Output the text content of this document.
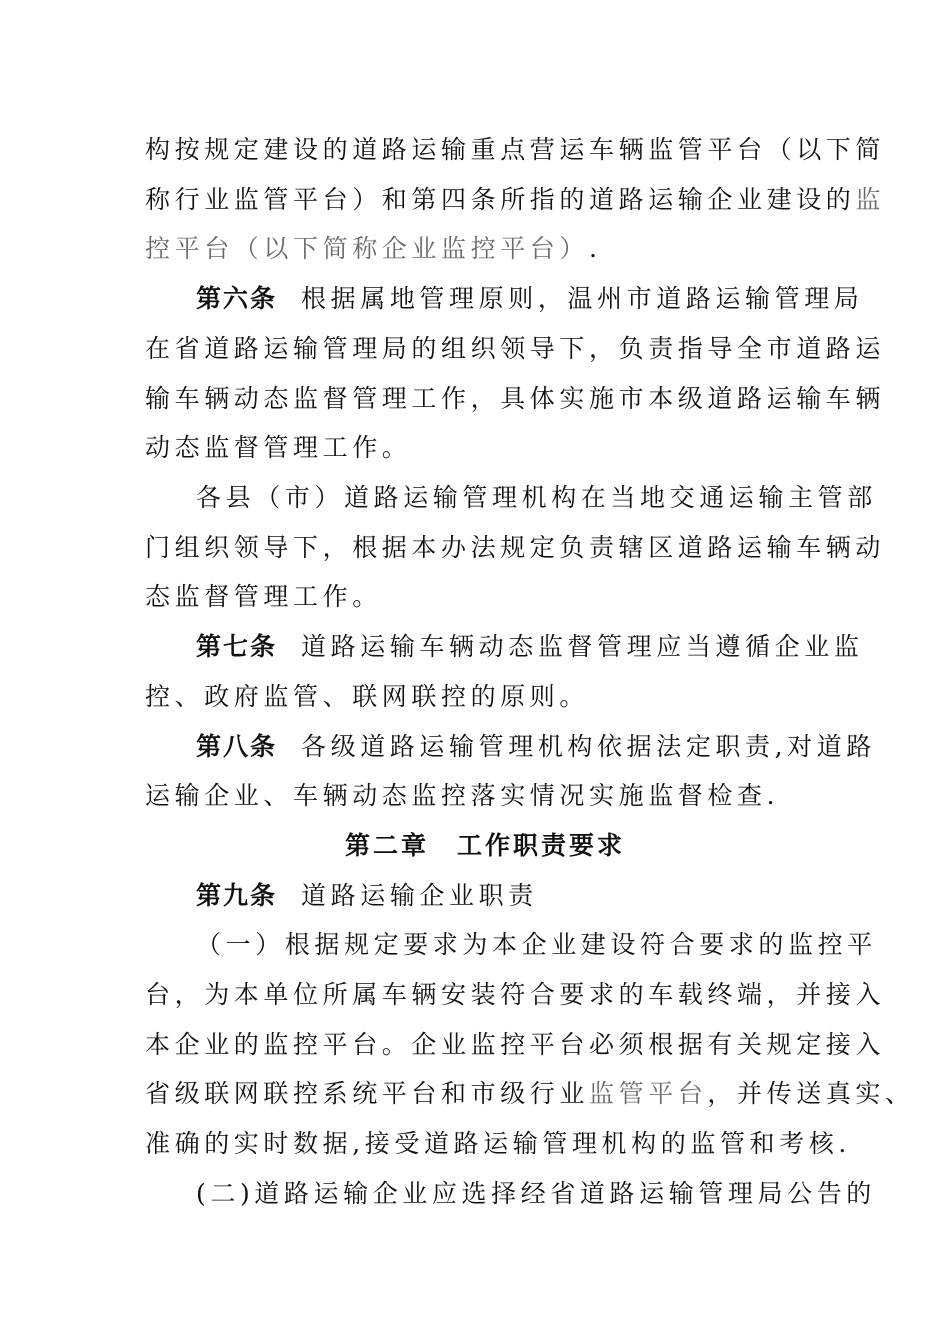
构按规定建设的道路运输重点营运车辆监管平台（以下简
称行业监管平台）和第四条所指的道路运输企业建设的监
控平台（以下简称企业监控平台）.
第六条 根据属地管理原则，温州市道路运输管理局
在省道路运输管理局的组织领导下，负责指导全市道路运
输车辆动态监督管理工作，具体实施市本级道路运输车辆
动态监督管理工作。
各县（市）道路运输管理机构在当地交通运输主管部
门组织领导下，根据本办法规定负责辖区道路运输车辆动
态监督管理工作。
第七条 道路运输车辆动态监督管理应当遵循企业监
控、政府监管、联网联控的原则。
第八条 各级道路运输管理机构依据法定职责,对道路
运输企业、车辆动态监控落实情况实施监督检查.
第二章　工作职责要求
第九条 道路运输企业职责
（一）根据规定要求为本企业建设符合要求的监控平
台，为本单位所属车辆安装符合要求的车载终端，并接入
本企业的监控平台。企业监控平台必须根据有关规定接入
省级联网联控系统平台和市级行业监管平台，并传送真实、
准确的实时数据,接受道路运输管理机构的监管和考核.
(二)道路运输企业应选择经省道路运输管理局公告的
